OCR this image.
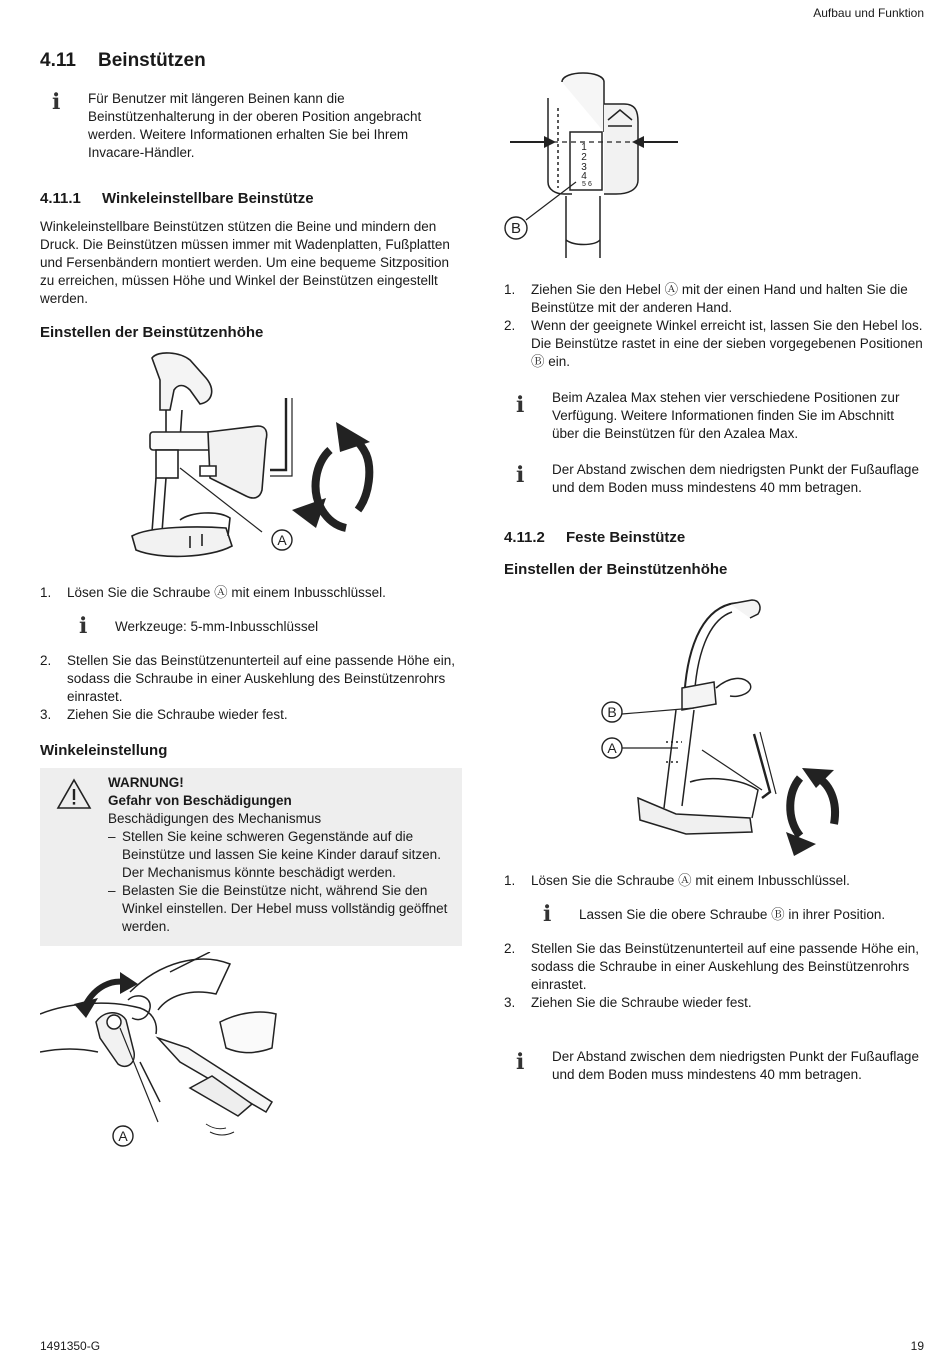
Aufbau und Funktion
1491350-G	19
4.11	Beinstützen
ℹ Für Benutzer mit längeren Beinen kann die

Beinstützenhalterung in der oberen Position angebracht

werden. Weitere Informationen erhalten Sie bei Ihrem

Invacare-Händler.

4.11.1	Winkeleinstellbare Beinstütze

Winkeleinstellbare Beinstützen stützen die Beine und mindern den

Druck. Die Beinstützen müssen immer mit Wadenplatten, Fußplatten

und Fersenbändern montiert werden. Um eine bequeme Sitzposition

zu erreichen, müssen Höhe und Winkel der Beinstützen eingestellt

werden.

Einstellen der Beinstützenhöhe
A
1.	Lösen Sie die Schraube Ⓐ mit einem Inbusschlüssel.
ℹ Werkzeuge: 5-mm-Inbusschlüssel

2.	Stellen Sie das Beinstützenunterteil auf eine passende Höhe ein,

sodass die Schraube in einer Auskehlung des Beinstützenrohrs

einrastet.

3.	Ziehen Sie die Schraube wieder fest.
Winkeleinstellung
WARNUNG!
Gefahr von Beschädigungen
Beschädigungen des Mechanismus
– Stellen Sie keine schweren Gegenstände auf die

Beinstütze und lassen Sie keine Kinder darauf sitzen.

Der Mechanismus könnte beschädigt werden.

– Belasten Sie die Beinstütze nicht, während Sie den

Winkel einstellen. Der Hebel muss vollständig geöffnet

werden.

A
1
2
3
4
5 6
B
1.	Ziehen Sie den Hebel Ⓐ mit der einen Hand und halten Sie die

Beinstütze mit der anderen Hand.

2.	Wenn der geeignete Winkel erreicht ist, lassen Sie den Hebel los.

Die Beinstütze rastet in eine der sieben vorgegebenen Positionen

Ⓑ ein.

ℹ Beim Azalea Max stehen vier verschiedene Positionen zur

Verfügung. Weitere Informationen finden Sie im Abschnitt

über die Beinstützen für den Azalea Max.

ℹ Der Abstand zwischen dem niedrigsten Punkt der Fußauflage

und dem Boden muss mindestens 40 mm betragen.

4.11.2	Feste Beinstütze
Einstellen der Beinstützenhöhe
B
A
1.	Lösen Sie die Schraube Ⓐ mit einem Inbusschlüssel.
ℹ Lassen Sie die obere Schraube Ⓑ in ihrer Position.

2.	Stellen Sie das Beinstützenunterteil auf eine passende Höhe ein,

sodass die Schraube in einer Auskehlung des Beinstützenrohrs

einrastet.

3.	Ziehen Sie die Schraube wieder fest.
ℹ Der Abstand zwischen dem niedrigsten Punkt der Fußauflage

und dem Boden muss mindestens 40 mm betragen.
